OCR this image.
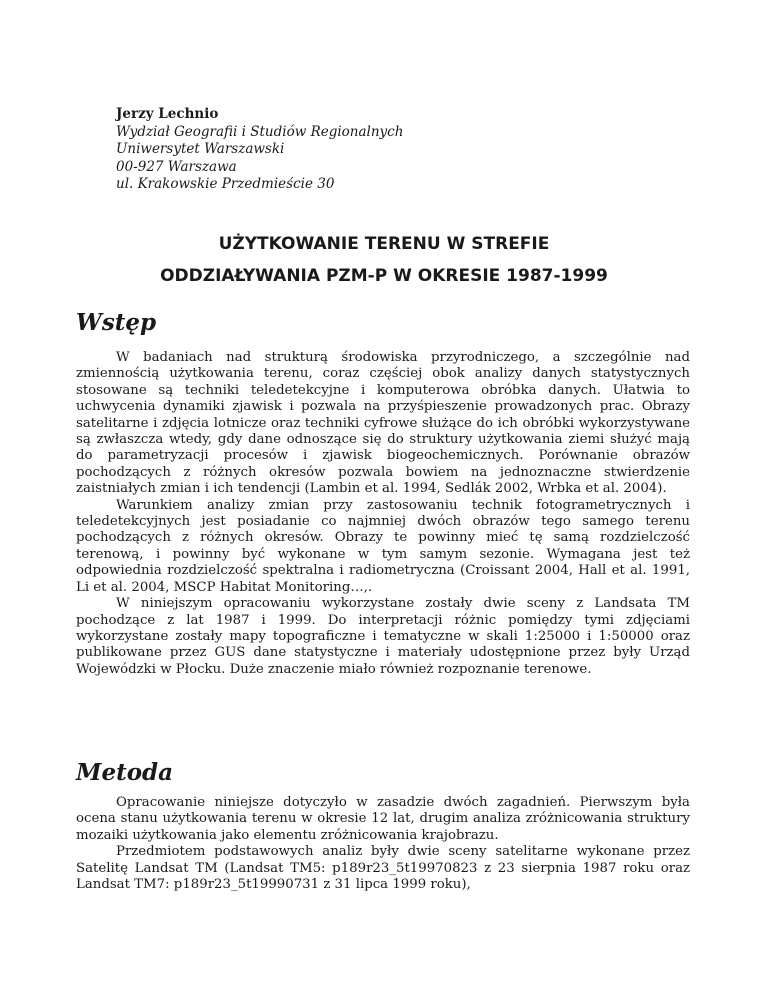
Jerzy Lechnio
Wydział Geografii i Studiów Regionalnych
Uniwersytet Warszawski
00-927 Warszawa
ul. Krakowskie Przedmieście 30
UŻYTKOWANIE TERENU W STREFIE
ODDZIAŁYWANIA PZM-P W OKRESIE 1987-1999
Wstęp

W badaniach nad strukturą środowiska przyrodniczego, a szczególnie nad zmiennością użytkowania terenu, coraz częściej obok analizy danych statystycznych stosowane są techniki teledetekcyjne i komputerowa obróbka danych. Ułatwia to uchwycenia dynamiki zjawisk i pozwala na przyśpieszenie prowadzonych prac. Obrazy satelitarne i zdjęcia lotnicze oraz techniki cyfrowe służące do ich obróbki wykorzystywane są zwłaszcza wtedy, gdy dane odnoszące się do struktury użytkowania ziemi służyć mają do parametryzacji procesów i zjawisk biogeochemicznych. Porównanie obrazów pochodzących z różnych okresów pozwala bowiem na jednoznaczne stwierdzenie zaistniałych zmian i ich tendencji (Lambin et al. 1994, Sedlák 2002, Wrbka et al. 2004).

Warunkiem analizy zmian przy zastosowaniu technik fotogrametrycznych i teledetekcyjnych jest posiadanie co najmniej dwóch obrazów tego samego terenu pochodzących z różnych okresów. Obrazy te powinny mieć tę samą rozdzielczość terenową, i powinny być wykonane w tym samym sezonie. Wymagana jest też odpowiednia rozdzielczość spektralna i radiometryczna (Croissant 2004, Hall et al. 1991, Li et al. 2004, MSCP Habitat Monitoring…,.

W niniejszym opracowaniu wykorzystane zostały dwie sceny z Landsata TM pochodzące z lat 1987 i 1999. Do interpretacji różnic pomiędzy tymi zdjęciami wykorzystane zostały mapy topograficzne i tematyczne w skali 1:25000 i 1:50000 oraz publikowane przez GUS dane statystyczne i materiały udostępnione przez były Urząd Wojewódzki w Płocku. Duże znaczenie miało również rozpoznanie terenowe.

Metoda

Opracowanie niniejsze dotyczyło w zasadzie dwóch zagadnień. Pierwszym była ocena stanu użytkowania terenu w okresie 12 lat, drugim analiza zróżnicowania struktury mozaiki użytkowania jako elementu zróżnicowania krajobrazu.

Przedmiotem podstawowych analiz były dwie sceny satelitarne wykonane przez Satelitę Landsat TM (Landsat TM5: p189r23_5t19970823 z 23 sierpnia 1987 roku oraz Landsat TM7: p189r23_5t19990731 z 31 lipca 1999 roku),
